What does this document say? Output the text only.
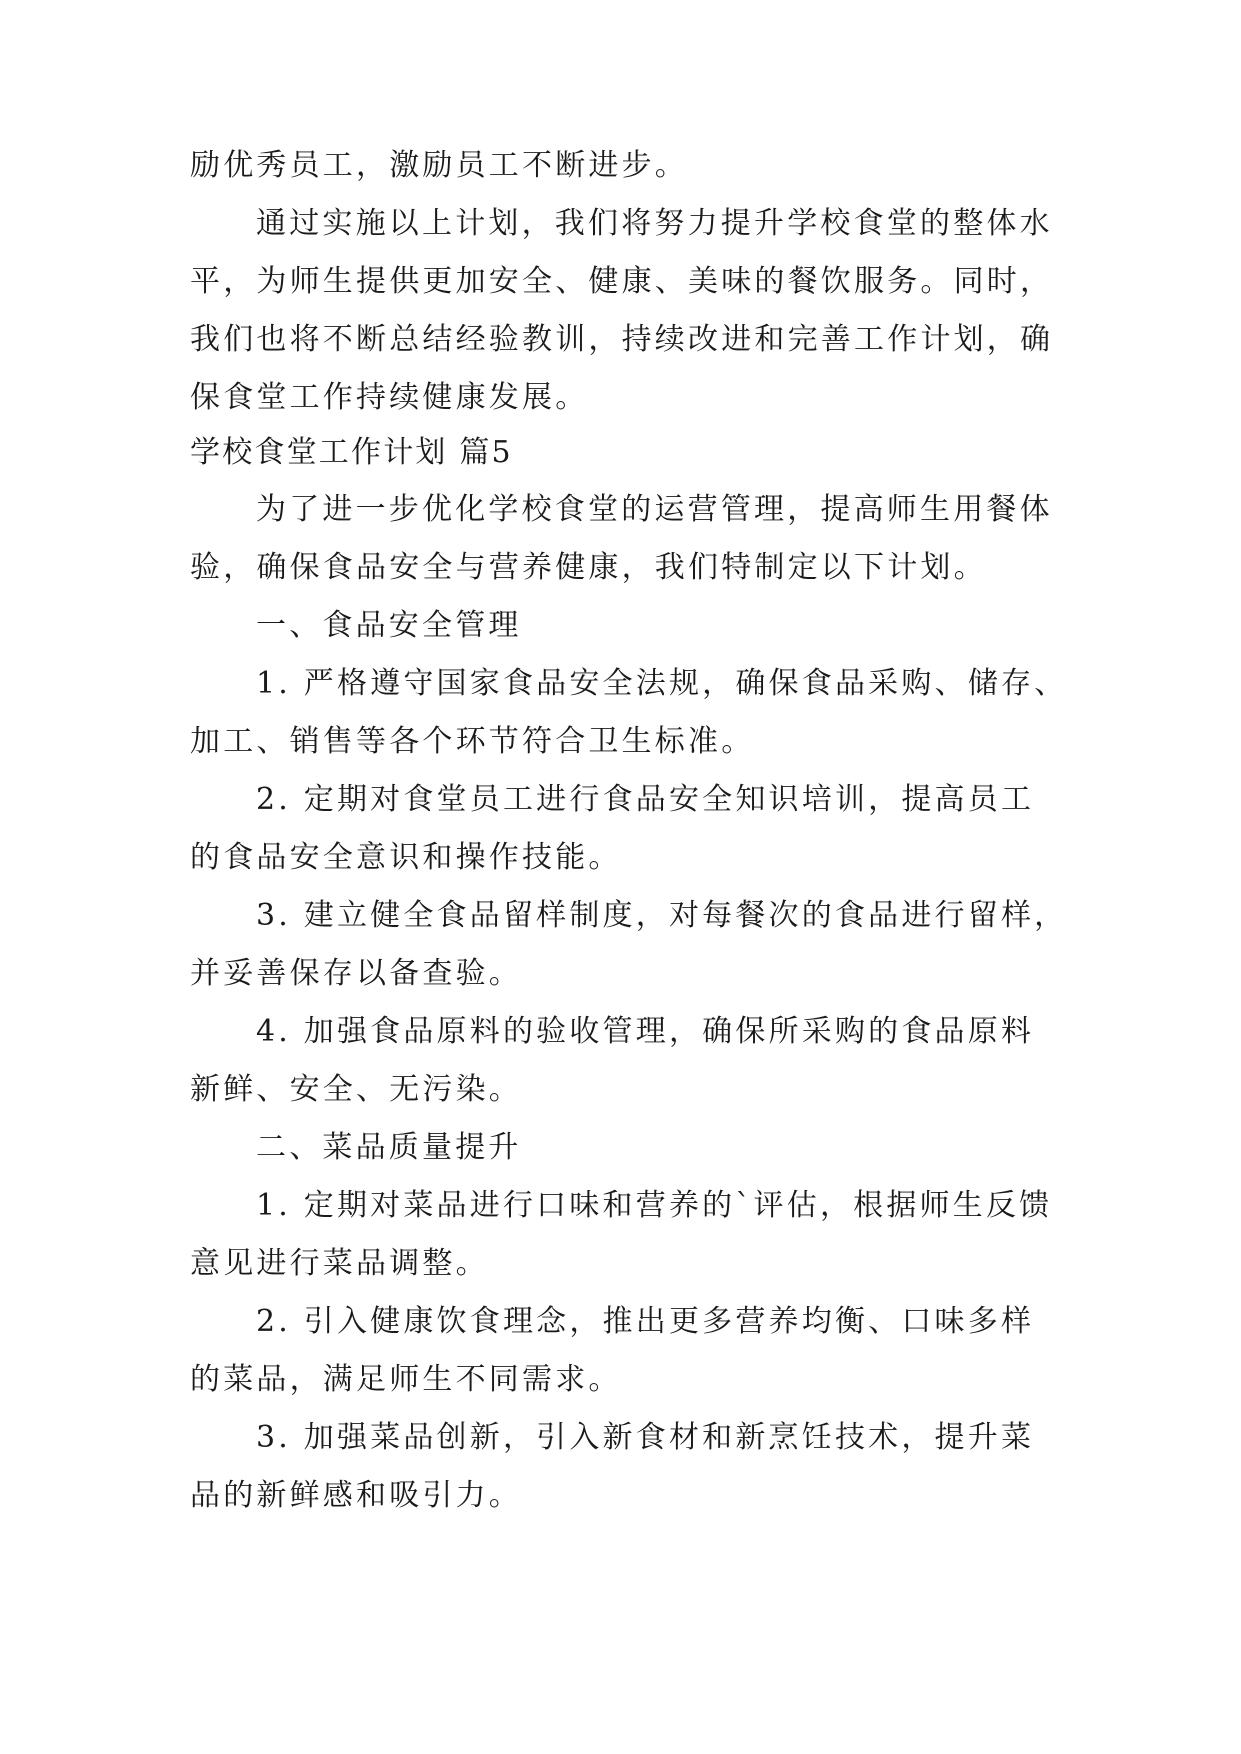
励优秀员工，激励员工不断进步。
通过实施以上计划，我们将努力提升学校食堂的整体水
平，为师生提供更加安全、健康、美味的餐饮服务。同时，
我们也将不断总结经验教训，持续改进和完善工作计划，确
保食堂工作持续健康发展。
学校食堂工作计划 篇5
为了进一步优化学校食堂的运营管理，提高师生用餐体
验，确保食品安全与营养健康，我们特制定以下计划。
一、食品安全管理
1. 严格遵守国家食品安全法规，确保食品采购、储存、
加工、销售等各个环节符合卫生标准。
2. 定期对食堂员工进行食品安全知识培训，提高员工
的食品安全意识和操作技能。
3. 建立健全食品留样制度，对每餐次的食品进行留样，
并妥善保存以备查验。
4. 加强食品原料的验收管理，确保所采购的食品原料
新鲜、安全、无污染。
二、菜品质量提升
1. 定期对菜品进行口味和营养的`评估，根据师生反馈
意见进行菜品调整。
2. 引入健康饮食理念，推出更多营养均衡、口味多样
的菜品，满足师生不同需求。
3. 加强菜品创新，引入新食材和新烹饪技术，提升菜
品的新鲜感和吸引力。
